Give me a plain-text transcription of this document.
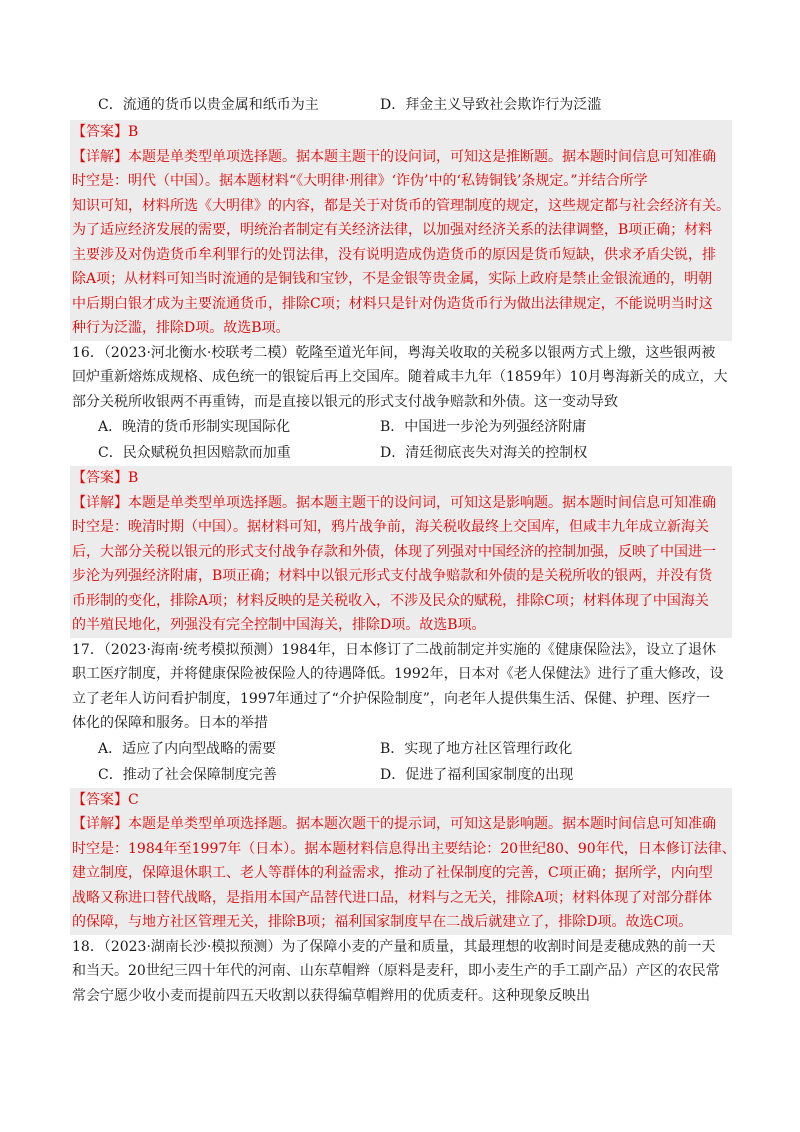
C．流通的货币以贵金属和纸币为主	D．拜金主义导致社会欺诈行为泛滥
【答案】B
【详解】本题是单类型单项选择题。据本题主题干的设问词，可知这是推断题。据本题时间信息可知准确
时空是：明代（中国）。据本题材料“《大明律·刑律》‘诈伪’中的‘私铸铜钱’条规定。”并结合所学
知识可知，材料所选《大明律》的内容，都是关于对货币的管理制度的规定，这些规定都与社会经济有关。
为了适应经济发展的需要，明统治者制定有关经济法律，以加强对经济关系的法律调整，B项正确；材料
主要涉及对伪造货币牟利罪行的处罚法律，没有说明造成伪造货币的原因是货币短缺，供求矛盾尖锐，排
除A项；从材料可知当时流通的是铜钱和宝钞，不是金银等贵金属，实际上政府是禁止金银流通的，明朝
中后期白银才成为主要流通货币，排除C项；材料只是针对伪造货币行为做出法律规定，不能说明当时这
种行为泛滥，排除D项。故选B项。
16．（2023·河北衡水·校联考二模）乾隆至道光年间，粤海关收取的关税多以银两方式上缴，这些银两被
回炉重新熔炼成规格、成色统一的银锭后再上交国库。随着咸丰九年（1859年）10月粤海新关的成立，大
部分关税所收银两不再重铸，而是直接以银元的形式支付战争赔款和外债。这一变动导致
A．晚清的货币形制实现国际化	B．中国进一步沦为列强经济附庸
C．民众赋税负担因赔款而加重	D．清廷彻底丧失对海关的控制权
【答案】B
【详解】本题是单类型单项选择题。据本题主题干的设问词，可知这是影响题。据本题时间信息可知准确
时空是：晚清时期（中国）。据材料可知，鸦片战争前，海关税收最终上交国库，但咸丰九年成立新海关
后，大部分关税以银元的形式支付战争存款和外债，体现了列强对中国经济的控制加强，反映了中国进一
步沦为列强经济附庸，B项正确；材料中以银元形式支付战争赔款和外债的是关税所收的银两，并没有货
币形制的变化，排除A项；材料反映的是关税收入，不涉及民众的赋税，排除C项；材料体现了中国海关
的半殖民地化，列强没有完全控制中国海关，排除D项。故选B项。
17．（2023·海南·统考模拟预测）1984年，日本修订了二战前制定并实施的《健康保险法》，设立了退休
职工医疗制度，并将健康保险被保险人的待遇降低。1992年，日本对《老人保健法》进行了重大修改，设
立了老年人访问看护制度，1997年通过了“介护保险制度”，向老年人提供集生活、保健、护理、医疗一
体化的保障和服务。日本的举措
A．适应了内向型战略的需要	B．实现了地方社区管理行政化
C．推动了社会保障制度完善	D．促进了福利国家制度的出现
【答案】C
【详解】本题是单类型单项选择题。据本题次题干的提示词，可知这是影响题。据本题时间信息可知准确
时空是：1984年至1997年（日本）。据本题材料信息得出主要结论：20世纪80、90年代，日本修订法律、
建立制度，保障退休职工、老人等群体的利益需求，推动了社保制度的完善，C项正确；据所学，内向型
战略又称进口替代战略，是指用本国产品替代进口品，材料与之无关，排除A项；材料体现了对部分群体
的保障，与地方社区管理无关，排除B项；福利国家制度早在二战后就建立了，排除D项。故选C项。
18．（2023·湖南长沙·模拟预测）为了保障小麦的产量和质量，其最理想的收割时间是麦穗成熟的前一天
和当天。20世纪三四十年代的河南、山东草帽辫（原料是麦秆，即小麦生产的手工副产品）产区的农民常
常会宁愿少收小麦而提前四五天收割以获得编草帽辫用的优质麦秆。这种现象反映出
